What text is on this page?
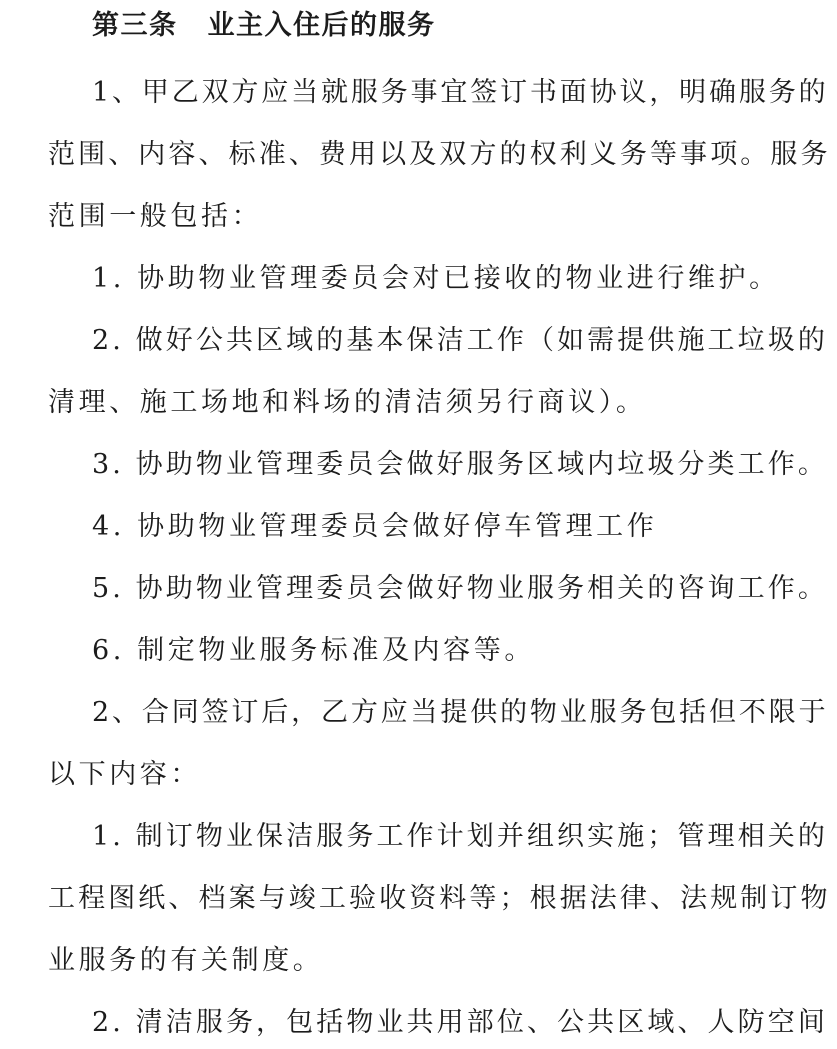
第三条 业主入住后的服务
1、甲乙双方应当就服务事宜签订书面协议，明确服务的
范围、内容、标准、费用以及双方的权利义务等事项。服务
范围一般包括：
1. 协助物业管理委员会对已接收的物业进行维护。
2. 做好公共区域的基本保洁工作（如需提供施工垃圾的
清理、施工场地和料场的清洁须另行商议）。
3. 协助物业管理委员会做好服务区域内垃圾分类工作。
4. 协助物业管理委员会做好停车管理工作
5. 协助物业管理委员会做好物业服务相关的咨询工作。
6. 制定物业服务标准及内容等。
2、合同签订后，乙方应当提供的物业服务包括但不限于
以下内容：
1. 制订物业保洁服务工作计划并组织实施；管理相关的
工程图纸、档案与竣工验收资料等；根据法律、法规制订物
业服务的有关制度。
2. 清洁服务，包括物业共用部位、公共区域、人防空间
